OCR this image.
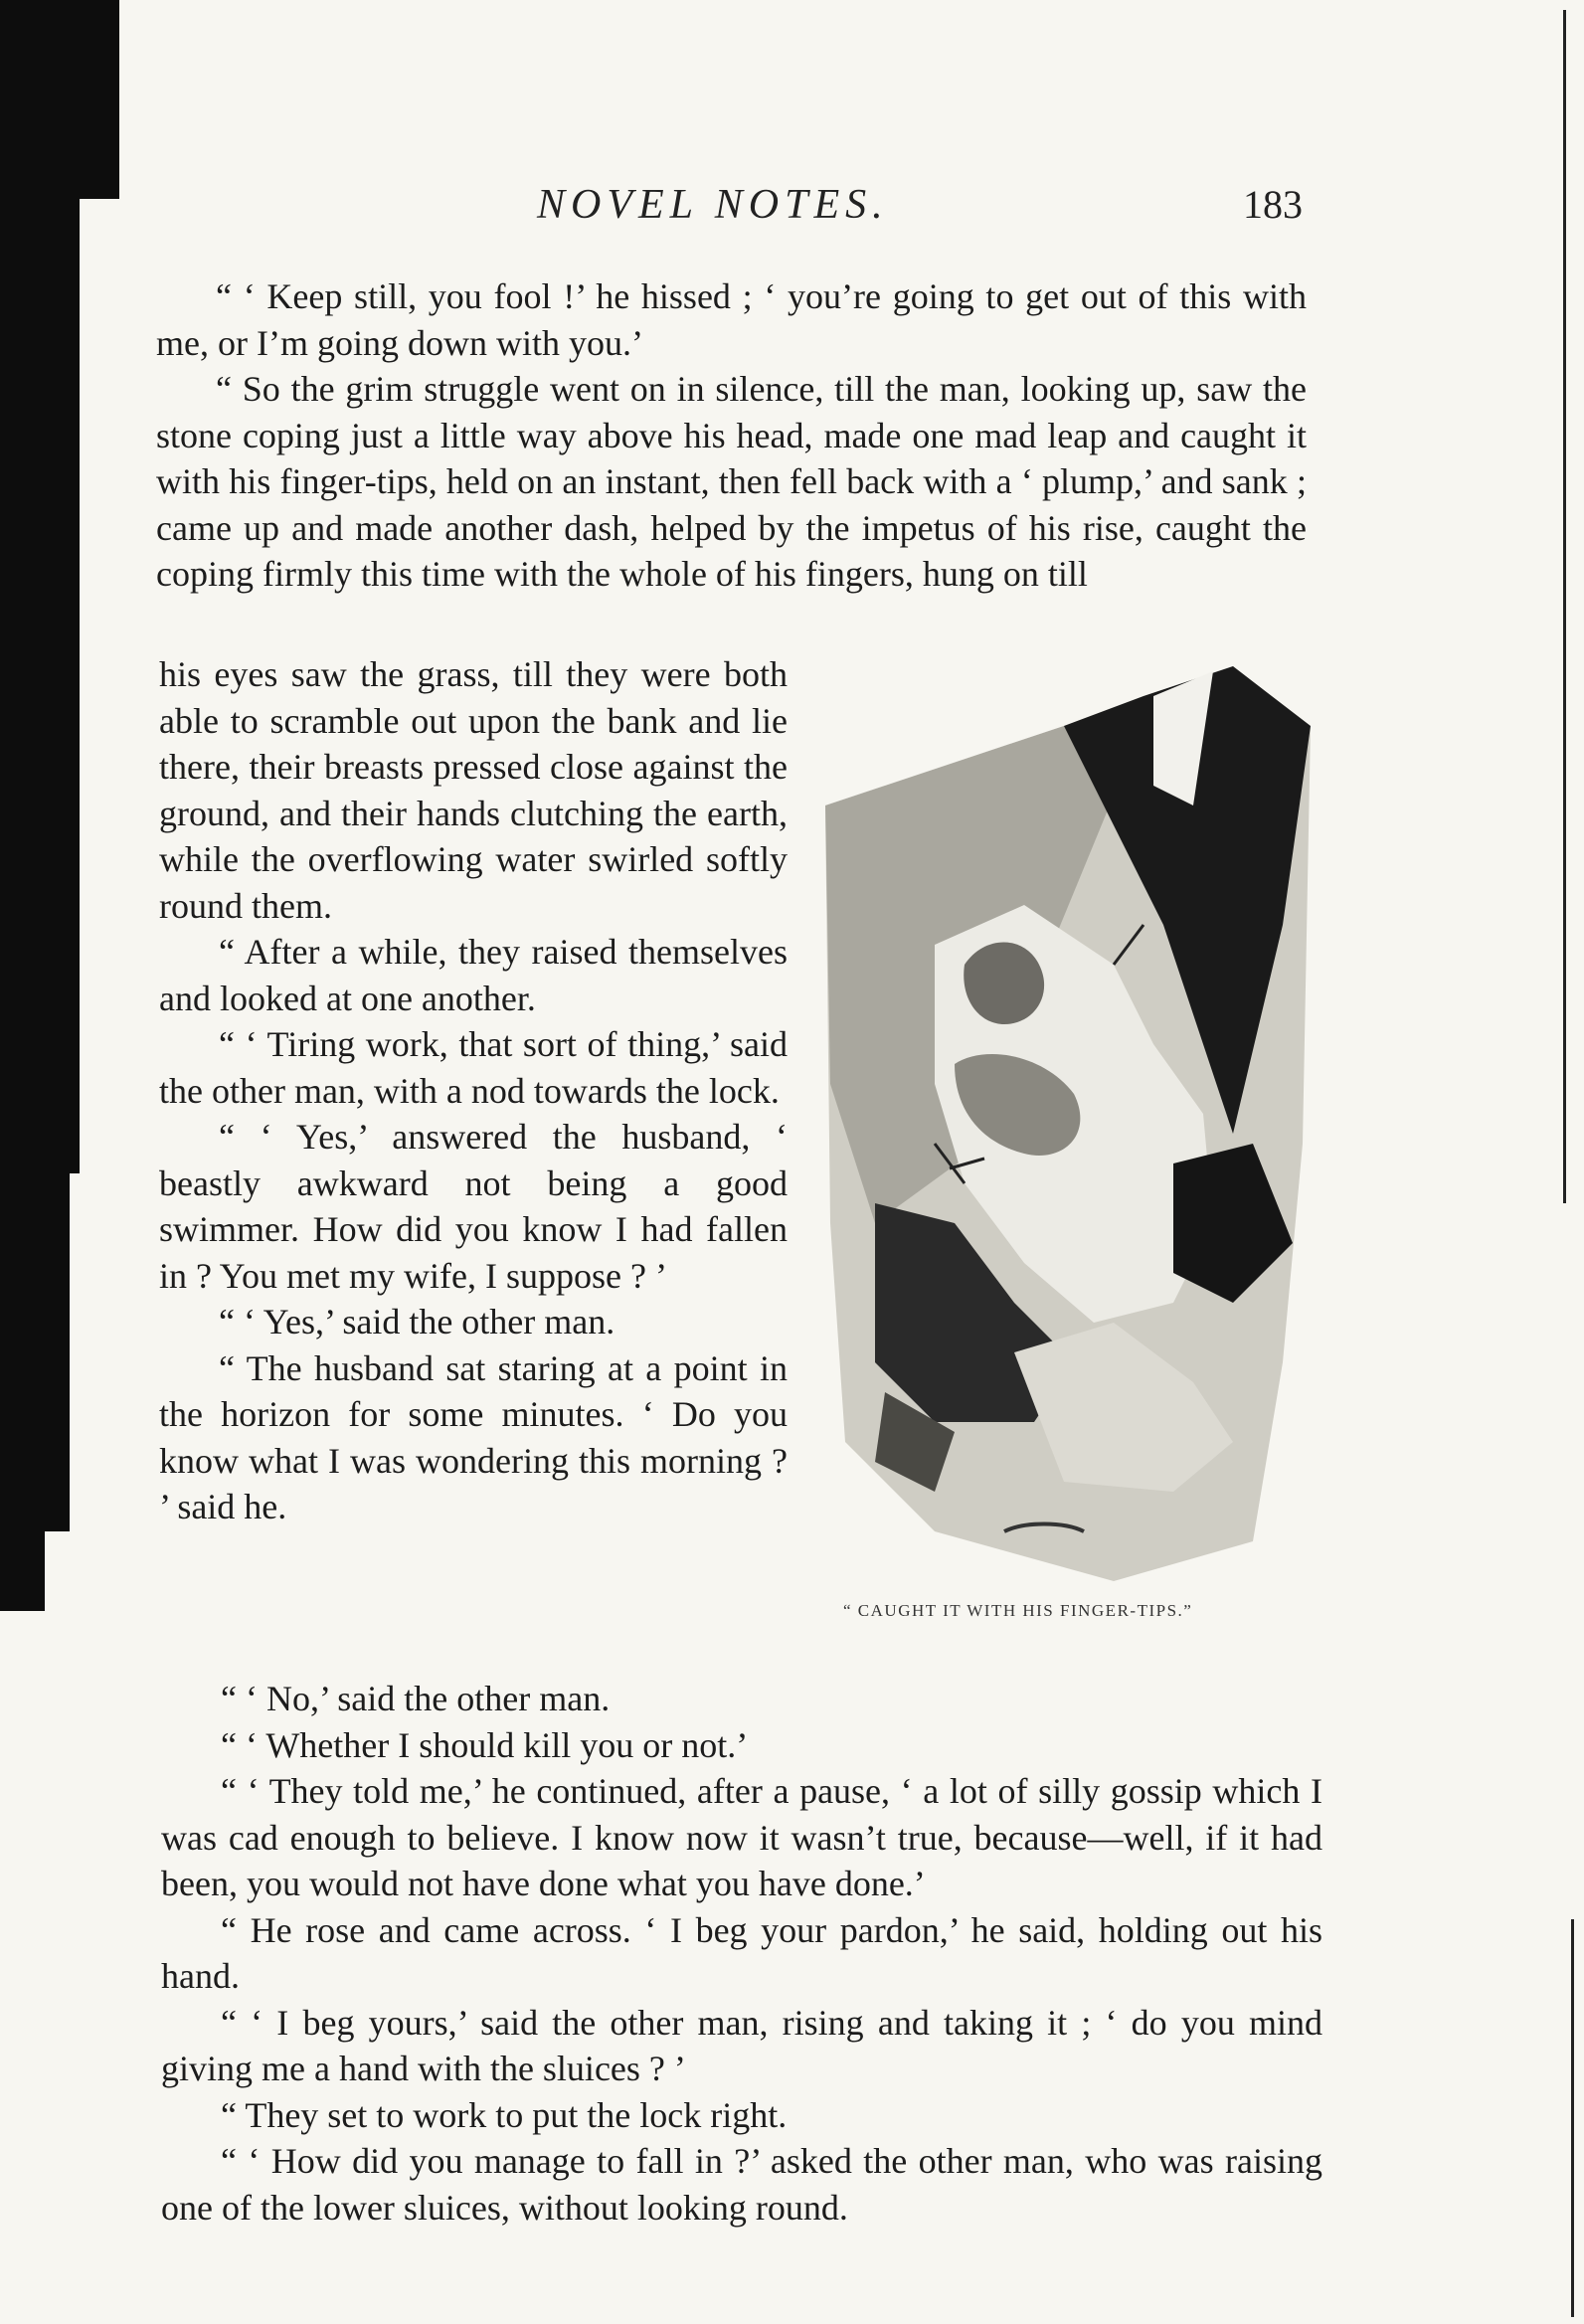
NOVEL NOTES.	183

“ ‘ Keep still, you fool !’ he hissed ; ‘ you’re going to get out of this with me, or I’m going down with you.’

“ So the grim struggle went on in silence, till the man, looking up, saw the stone coping just a little way above his head, made one mad leap and caught it with his finger-tips, held on an instant, then fell back with a ‘ plump,’ and sank ; came up and made another dash, helped by the impetus of his rise, caught the coping firmly this time with the whole of his fingers, hung on till

his eyes saw the grass, till they were both able to scramble out upon the bank and lie there, their breasts pressed close against the ground, and their hands clutching the earth, while the overflowing water swirled softly round them.

“ After a while, they raised themselves and looked at one another.

“ ‘ Tiring work, that sort of thing,’ said the other man, with a nod towards the lock.

“ ‘ Yes,’ answered the husband, ‘ beastly awkward not being a good swimmer. How did you know I had fallen in ? You met my wife, I suppose ? ’

“ ‘ Yes,’ said the other man.

“ The husband sat staring at a point in the horizon for some minutes. ‘ Do you know what I was wondering this morning ? ’ said he.

“ CAUGHT IT WITH HIS FINGER-TIPS.”

“ ‘ No,’ said the other man.

“ ‘ Whether I should kill you or not.’

“ ‘ They told me,’ he continued, after a pause, ‘ a lot of silly gossip which I was cad enough to believe. I know now it wasn’t true, because—well, if it had been, you would not have done what you have done.’

“ He rose and came across. ‘ I beg your pardon,’ he said, holding out his hand.

“ ‘ I beg yours,’ said the other man, rising and taking it ; ‘ do you mind giving me a hand with the sluices ? ’

“ They set to work to put the lock right.

“ ‘ How did you manage to fall in ?’ asked the other man, who was raising one of the lower sluices, without looking round.
